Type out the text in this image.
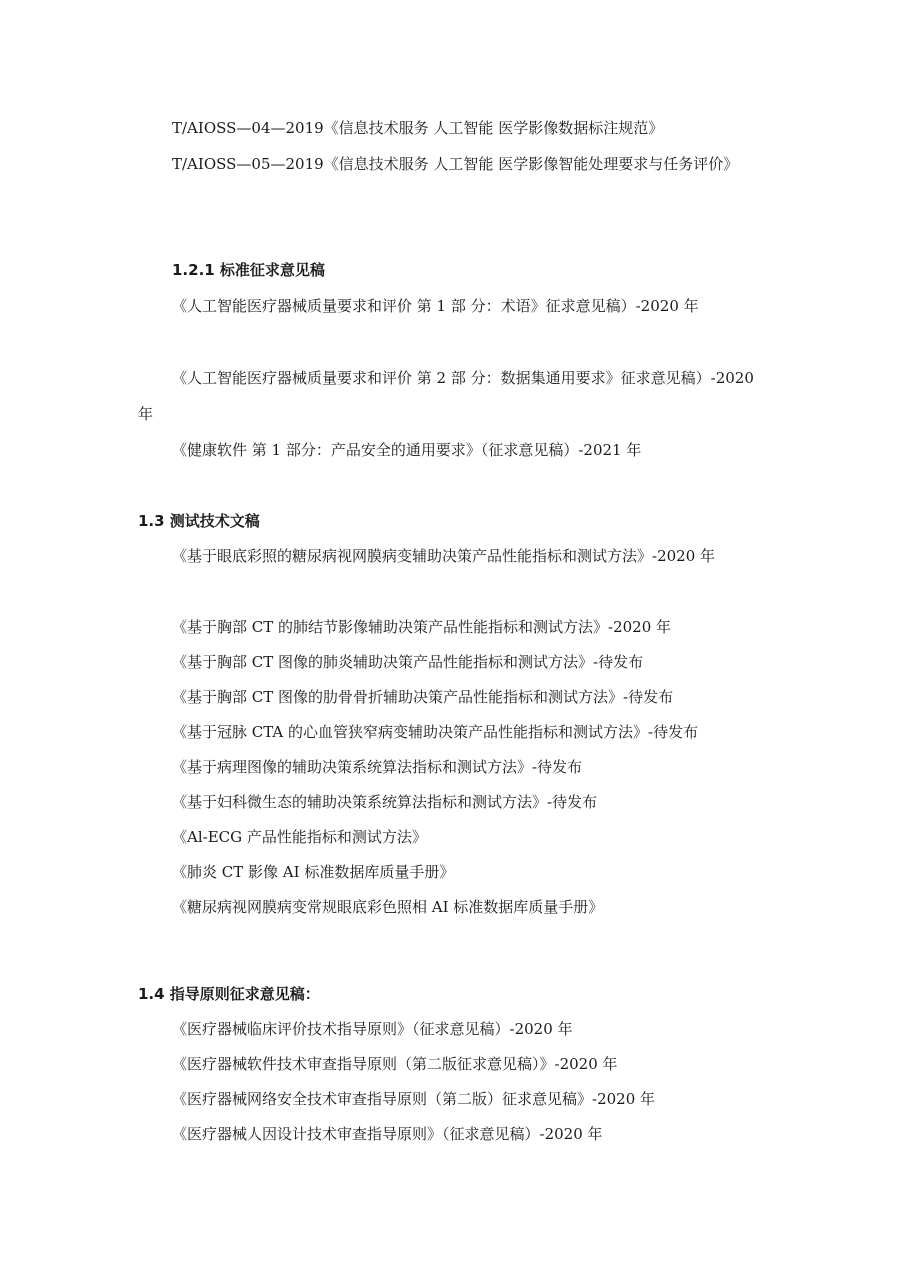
T/AIOSS—04—2019《信息技术服务 人工智能 医学影像数据标注规范》
T/AIOSS—05—2019《信息技术服务 人工智能 医学影像智能处理要求与任务评价》
1.2.1 标准征求意见稿
《人工智能医疗器械质量要求和评价 第 1 部 分：术语》征求意见稿）-2020 年
《人工智能医疗器械质量要求和评价 第 2 部 分：数据集通用要求》征求意见稿）-2020 年
《健康软件 第 1 部分：产品安全的通用要求》（征求意见稿）-2021 年
1.3 测试技术文稿
《基于眼底彩照的糖尿病视网膜病变辅助决策产品性能指标和测试方法》-2020 年
《基于胸部 CT 的肺结节影像辅助决策产品性能指标和测试方法》-2020 年
《基于胸部 CT 图像的肺炎辅助决策产品性能指标和测试方法》-待发布
《基于胸部 CT 图像的肋骨骨折辅助决策产品性能指标和测试方法》-待发布
《基于冠脉 CTA 的心血管狭窄病变辅助决策产品性能指标和测试方法》-待发布
《基于病理图像的辅助决策系统算法指标和测试方法》-待发布
《基于妇科微生态的辅助决策系统算法指标和测试方法》-待发布
《Al-ECG 产品性能指标和测试方法》
《肺炎 CT 影像 AI 标准数据库质量手册》
《糖尿病视网膜病变常规眼底彩色照相 AI 标准数据库质量手册》
1.4 指导原则征求意见稿：
《医疗器械临床评价技术指导原则》（征求意见稿）-2020 年
《医疗器械软件技术审查指导原则（第二版征求意见稿）》-2020 年
《医疗器械网络安全技术审查指导原则（第二版）征求意见稿》-2020 年
《医疗器械人因设计技术审查指导原则》（征求意见稿）-2020 年
